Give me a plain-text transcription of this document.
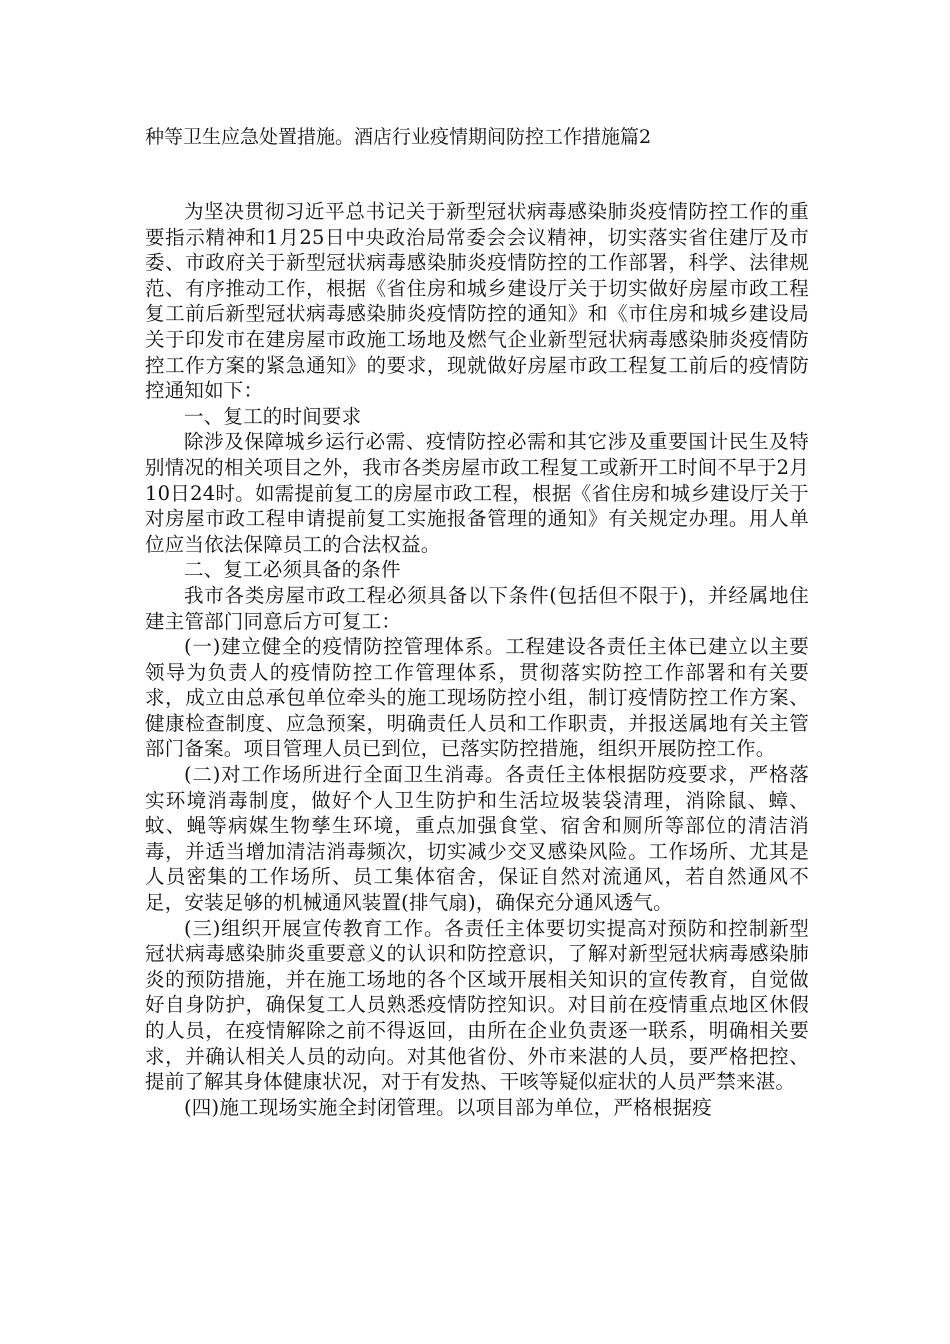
种等卫生应急处置措施。酒店行业疫情期间防控工作措施篇2

为坚决贯彻习近平总书记关于新型冠状病毒感染肺炎疫情防控工作的重要指示精神和1月25日中央政治局常委会会议精神，切实落实省住建厅及市委、市政府关于新型冠状病毒感染肺炎疫情防控的工作部署，科学、法律规范、有序推动工作，根据《省住房和城乡建设厅关于切实做好房屋市政工程复工前后新型冠状病毒感染肺炎疫情防控的通知》和《市住房和城乡建设局关于印发市在建房屋市政施工场地及燃气企业新型冠状病毒感染肺炎疫情防控工作方案的紧急通知》的要求，现就做好房屋市政工程复工前后的疫情防控通知如下：

一、复工的时间要求

除涉及保障城乡运行必需、疫情防控必需和其它涉及重要国计民生及特别情况的相关项目之外，我市各类房屋市政工程复工或新开工时间不早于2月10日24时。如需提前复工的房屋市政工程，根据《省住房和城乡建设厅关于对房屋市政工程申请提前复工实施报备管理的通知》有关规定办理。用人单位应当依法保障员工的合法权益。

二、复工必须具备的条件

我市各类房屋市政工程必须具备以下条件(包括但不限于)，并经属地住建主管部门同意后方可复工：

(一)建立健全的疫情防控管理体系。工程建设各责任主体已建立以主要领导为负责人的疫情防控工作管理体系，贯彻落实防控工作部署和有关要求，成立由总承包单位牵头的施工现场防控小组，制订疫情防控工作方案、健康检查制度、应急预案，明确责任人员和工作职责，并报送属地有关主管部门备案。项目管理人员已到位，已落实防控措施，组织开展防控工作。

(二)对工作场所进行全面卫生消毒。各责任主体根据防疫要求，严格落实环境消毒制度，做好个人卫生防护和生活垃圾装袋清理，消除鼠、蟑、蚊、蝇等病媒生物孳生环境，重点加强食堂、宿舍和厕所等部位的清洁消毒，并适当增加清洁消毒频次，切实减少交叉感染风险。工作场所、尤其是人员密集的工作场所、员工集体宿舍，保证自然对流通风，若自然通风不足，安装足够的机械通风装置(排气扇)，确保充分通风透气。

(三)组织开展宣传教育工作。各责任主体要切实提高对预防和控制新型冠状病毒感染肺炎重要意义的认识和防控意识，了解对新型冠状病毒感染肺炎的预防措施，并在施工场地的各个区域开展相关知识的宣传教育，自觉做好自身防护，确保复工人员熟悉疫情防控知识。对目前在疫情重点地区休假的人员，在疫情解除之前不得返回，由所在企业负责逐一联系，明确相关要求，并确认相关人员的动向。对其他省份、外市来湛的人员，要严格把控、提前了解其身体健康状况，对于有发热、干咳等疑似症状的人员严禁来湛。

(四)施工现场实施全封闭管理。以项目部为单位，严格根据疫
